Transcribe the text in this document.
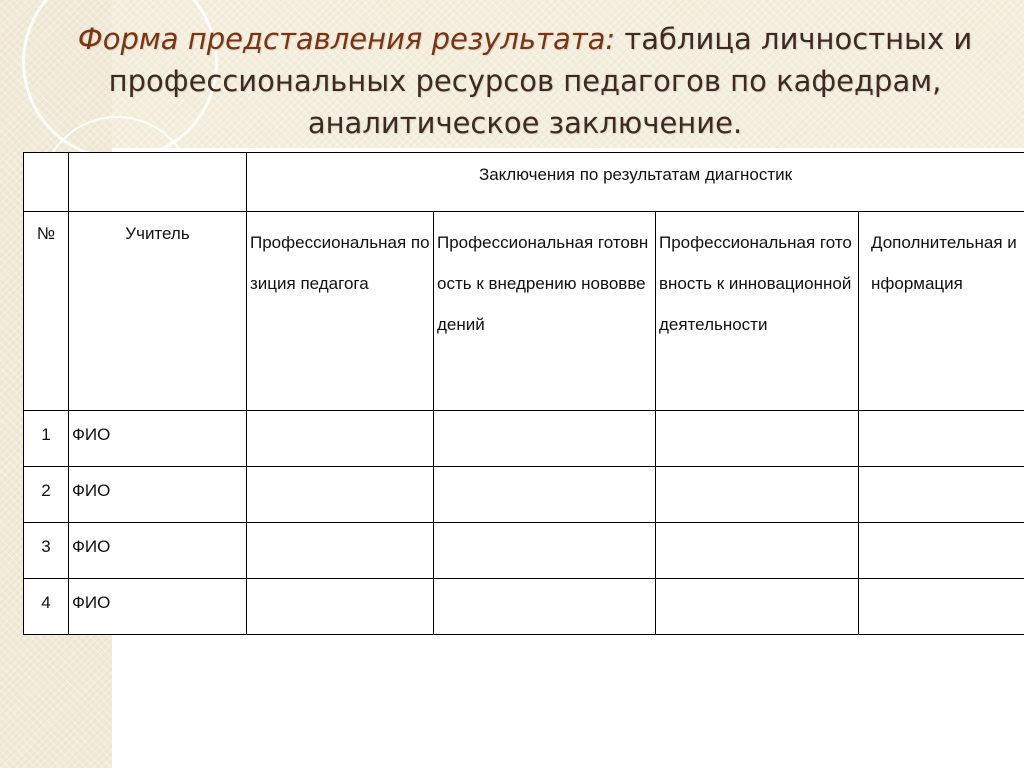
Форма представления результата: таблица личностных и профессиональных ресурсов педагогов по кафедрам, аналитическое заключение.

		Заключения по результатам диагностик			

№	Учитель	Профессиональная позиция педагога	Профессиональная готовность к внедрению нововведений	Профессиональная готовность к инновационной деятельности	Дополнительная информация

1	ФИО				

2	ФИО				

3	ФИО				

4	ФИО				
